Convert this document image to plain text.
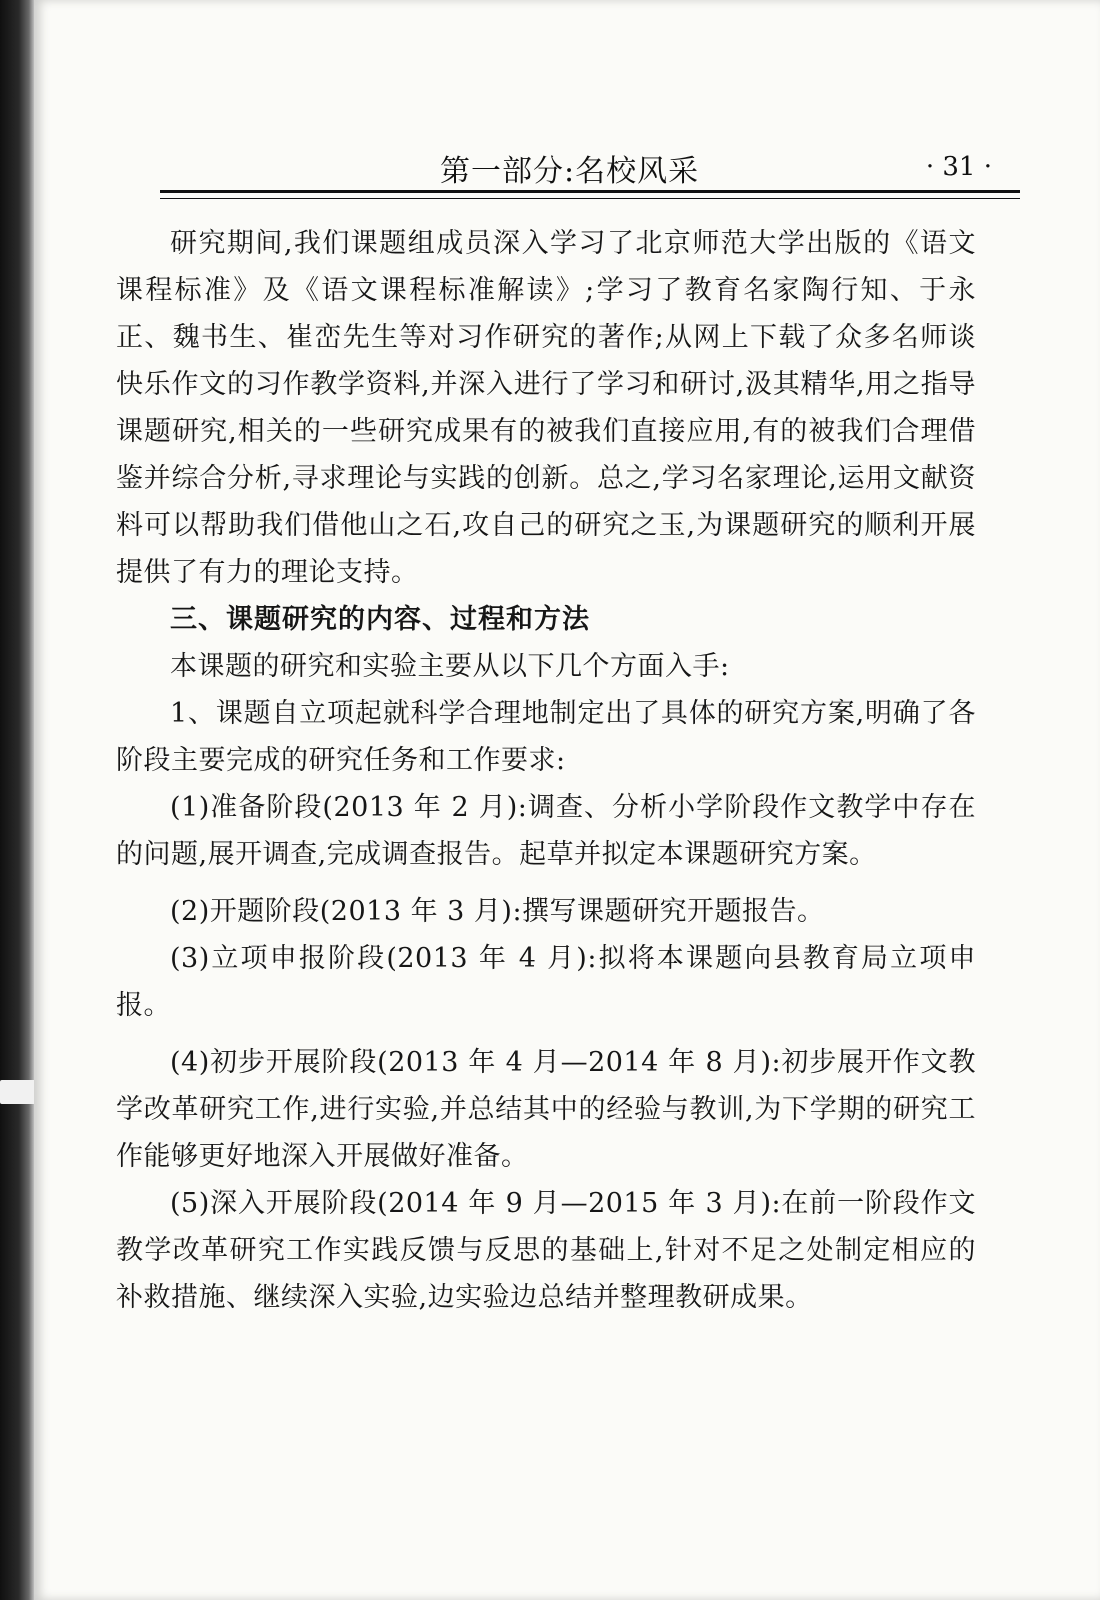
第一部分:名校风采	· 31 ·

研究期间,我们课题组成员深入学习了北京师范大学出版的《语文课程标准》及《语文课程标准解读》;学习了教育名家陶行知、于永正、魏书生、崔峦先生等对习作研究的著作;从网上下载了众多名师谈快乐作文的习作教学资料,并深入进行了学习和研讨,汲其精华,用之指导课题研究,相关的一些研究成果有的被我们直接应用,有的被我们合理借鉴并综合分析,寻求理论与实践的创新。总之,学习名家理论,运用文献资料可以帮助我们借他山之石,攻自己的研究之玉,为课题研究的顺利开展提供了有力的理论支持。

三、课题研究的内容、过程和方法

本课题的研究和实验主要从以下几个方面入手:

1、课题自立项起就科学合理地制定出了具体的研究方案,明确了各阶段主要完成的研究任务和工作要求:

(1)准备阶段(2013 年 2 月):调查、分析小学阶段作文教学中存在的问题,展开调查,完成调查报告。起草并拟定本课题研究方案。

(2)开题阶段(2013 年 3 月):撰写课题研究开题报告。

(3)立项申报阶段(2013 年 4 月):拟将本课题向县教育局立项申报。

(4)初步开展阶段(2013 年 4 月—2014 年 8 月):初步展开作文教学改革研究工作,进行实验,并总结其中的经验与教训,为下学期的研究工作能够更好地深入开展做好准备。

(5)深入开展阶段(2014 年 9 月—2015 年 3 月):在前一阶段作文教学改革研究工作实践反馈与反思的基础上,针对不足之处制定相应的补救措施、继续深入实验,边实验边总结并整理教研成果。
